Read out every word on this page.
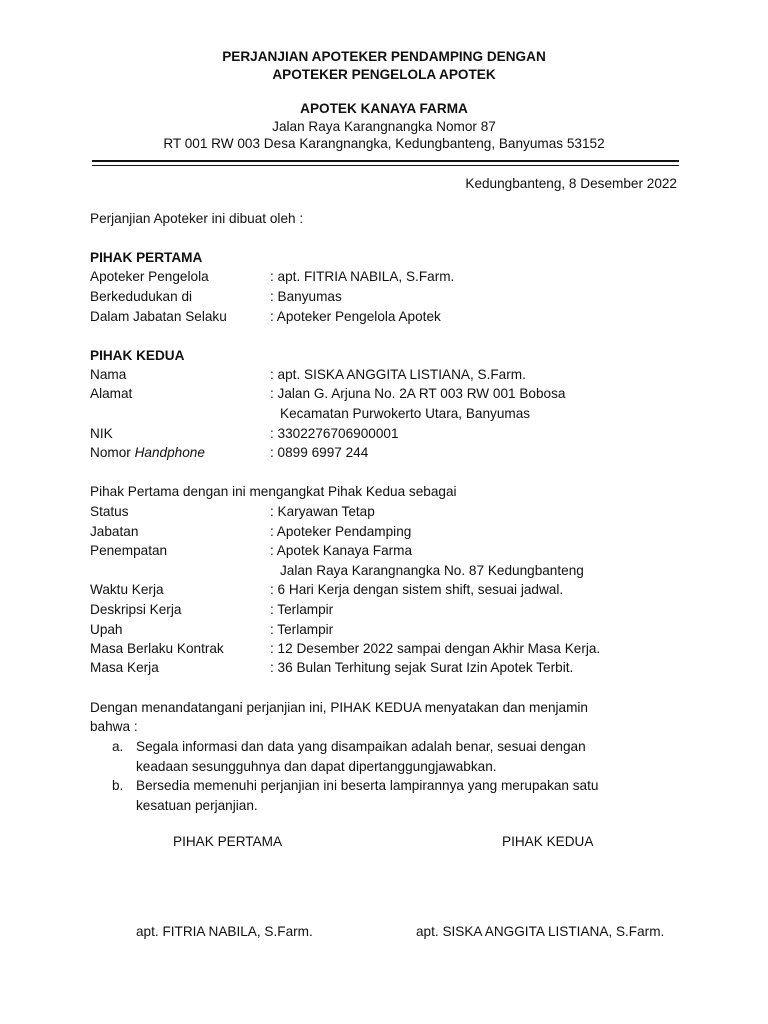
PERJANJIAN APOTEKER PENDAMPING DENGAN
APOTEKER PENGELOLA APOTEK
APOTEK KANAYA FARMA
Jalan Raya Karangnangka Nomor 87
RT 001 RW 003 Desa Karangnangka, Kedungbanteng, Banyumas 53152
Kedungbanteng, 8 Desember 2022
Perjanjian Apoteker ini dibuat oleh :
PIHAK PERTAMA
Apoteker Pengelola	: apt. FITRIA NABILA, S.Farm.
Berkedudukan di	: Banyumas
Dalam Jabatan Selaku	: Apoteker Pengelola Apotek
PIHAK KEDUA
Nama	: apt. SISKA ANGGITA LISTIANA, S.Farm.
Alamat	: Jalan G. Arjuna No. 2A RT 003 RW 001 Bobosa
Kecamatan Purwokerto Utara, Banyumas
NIK	: 3302276706900001
Nomor Handphone	: 0899 6997 244
Pihak Pertama dengan ini mengangkat Pihak Kedua sebagai
Status	: Karyawan Tetap
Jabatan	: Apoteker Pendamping
Penempatan	: Apotek Kanaya Farma
Jalan Raya Karangnangka No. 87 Kedungbanteng
Waktu Kerja	: 6 Hari Kerja dengan sistem shift, sesuai jadwal.
Deskripsi Kerja	: Terlampir
Upah	: Terlampir
Masa Berlaku Kontrak	: 12 Desember 2022 sampai dengan Akhir Masa Kerja.
Masa Kerja	: 36 Bulan Terhitung sejak Surat Izin Apotek Terbit.
Dengan menandatangani perjanjian ini, PIHAK KEDUA menyatakan dan menjamin
bahwa :
a. Segala informasi dan data yang disampaikan adalah benar, sesuai dengan
keadaan sesungguhnya dan dapat dipertanggungjawabkan.
b. Bersedia memenuhi perjanjian ini beserta lampirannya yang merupakan satu
kesatuan perjanjian.
PIHAK PERTAMA	PIHAK KEDUA
apt. FITRIA NABILA, S.Farm.	apt. SISKA ANGGITA LISTIANA, S.Farm.
